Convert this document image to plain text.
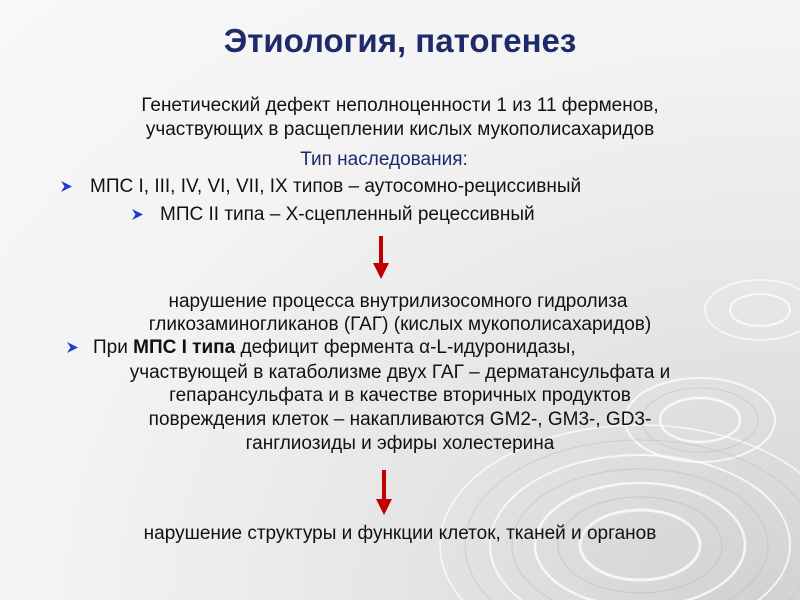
Этиология, патогенез
Генетический дефект неполноценности 1 из 11 ферменов,
участвующих в расщеплении кислых мукополисахаридов
Тип наследования:
МПС I, III, IV, VI, VII, IX типов – аутосомно-рециссивный
МПС II типа – Х-сцепленный рецессивный
нарушение процесса внутрилизосомного гидролиза
гликозаминогликанов (ГАГ) (кислых мукополисахаридов)
При МПС I типа дефицит фермента α-L-идуронидазы,
участвующей в катаболизме двух ГАГ – дерматансульфата и
гепарансульфата и в качестве вторичных продуктов
повреждения клеток – накапливаются GM2-, GM3-, GD3-
ганглиозиды и эфиры холестерина
нарушение структуры и функции клеток, тканей и органов
